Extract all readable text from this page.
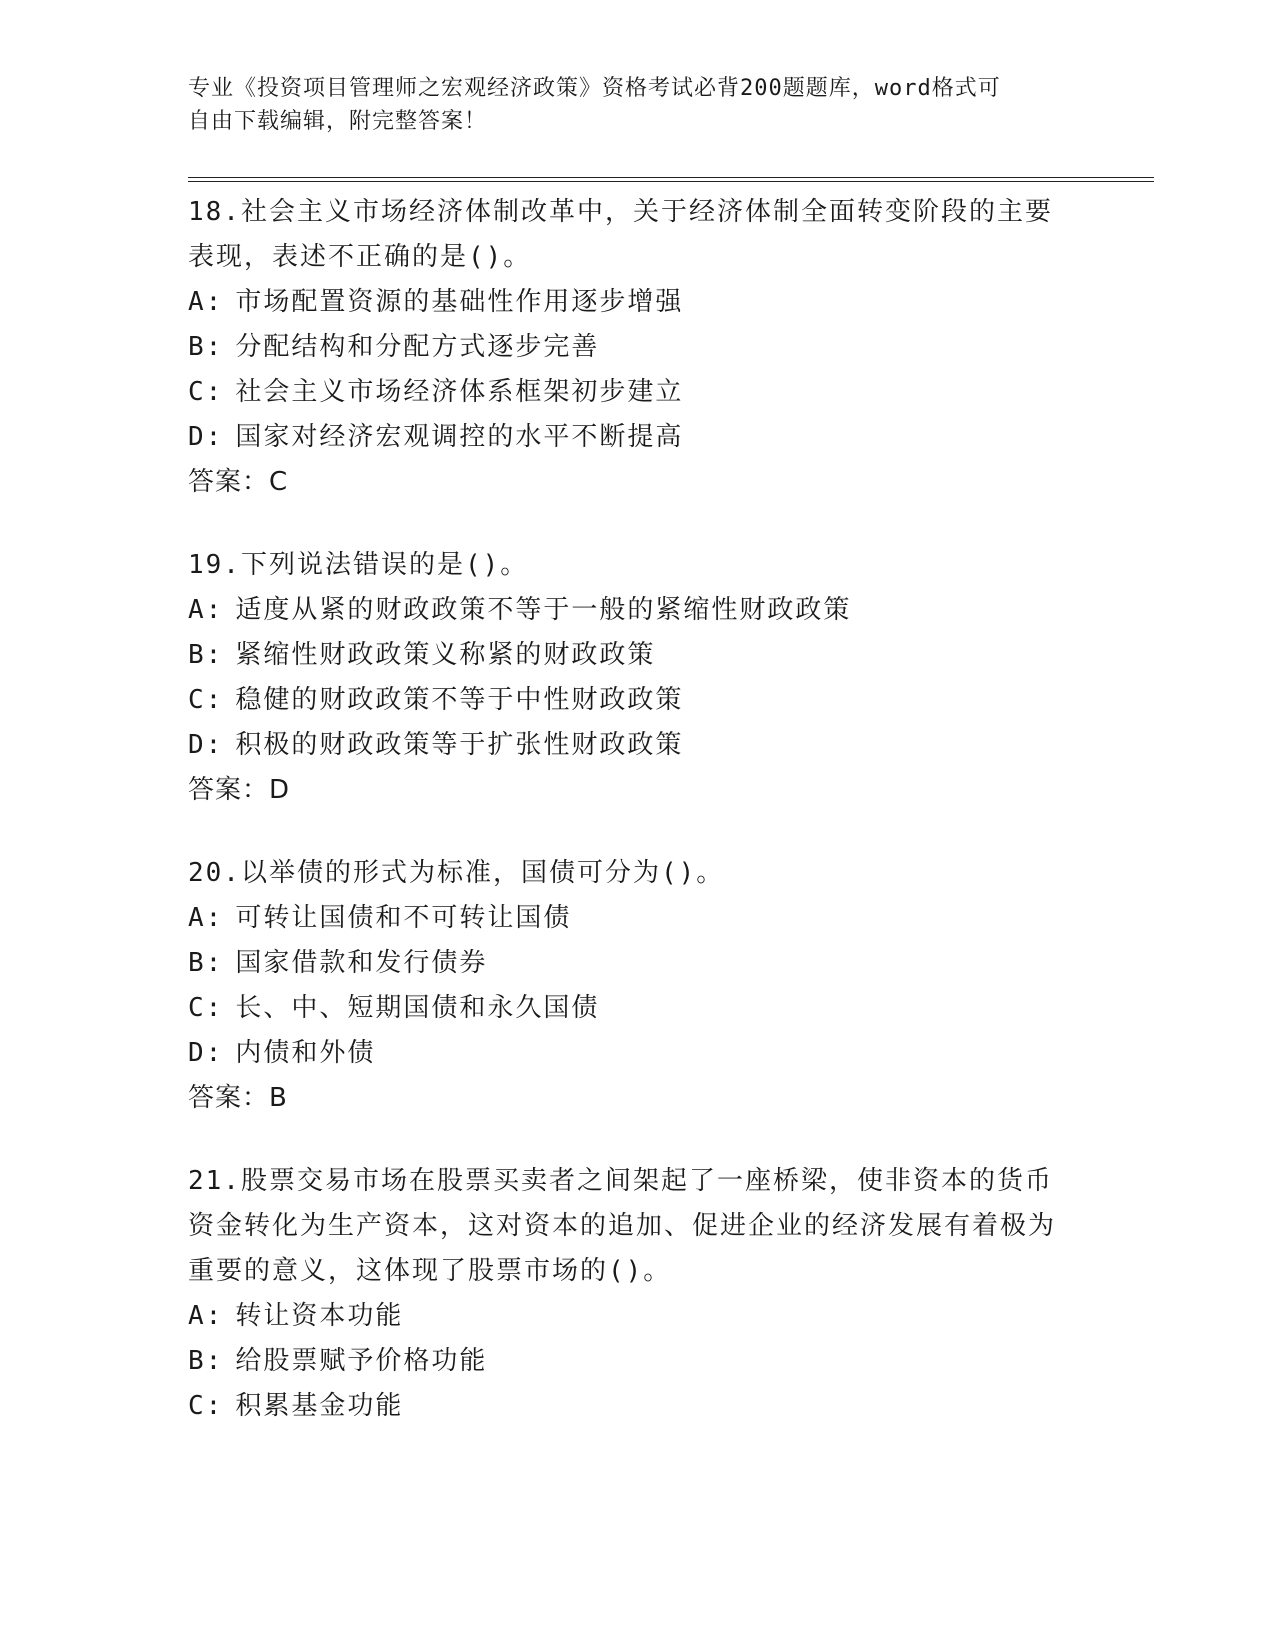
专业《投资项目管理师之宏观经济政策》资格考试必背200题题库，word格式可
自由下载编辑，附完整答案！
18.社会主义市场经济体制改革中，关于经济体制全面转变阶段的主要表现，表述不正确的是()。
A: 市场配置资源的基础性作用逐步增强
B: 分配结构和分配方式逐步完善
C: 社会主义市场经济体系框架初步建立
D: 国家对经济宏观调控的水平不断提高
答案：C
19.下列说法错误的是()。
A: 适度从紧的财政政策不等于一般的紧缩性财政政策
B: 紧缩性财政政策义称紧的财政政策
C: 稳健的财政政策不等于中性财政政策
D: 积极的财政政策等于扩张性财政政策
答案：D
20.以举债的形式为标准，国债可分为()。
A: 可转让国债和不可转让国债
B: 国家借款和发行债券
C: 长、中、短期国债和永久国债
D: 内债和外债
答案：B
21.股票交易市场在股票买卖者之间架起了一座桥梁，使非资本的货币资金转化为生产资本，这对资本的追加、促进企业的经济发展有着极为重要的意义，这体现了股票市场的()。
A: 转让资本功能
B: 给股票赋予价格功能
C: 积累基金功能
